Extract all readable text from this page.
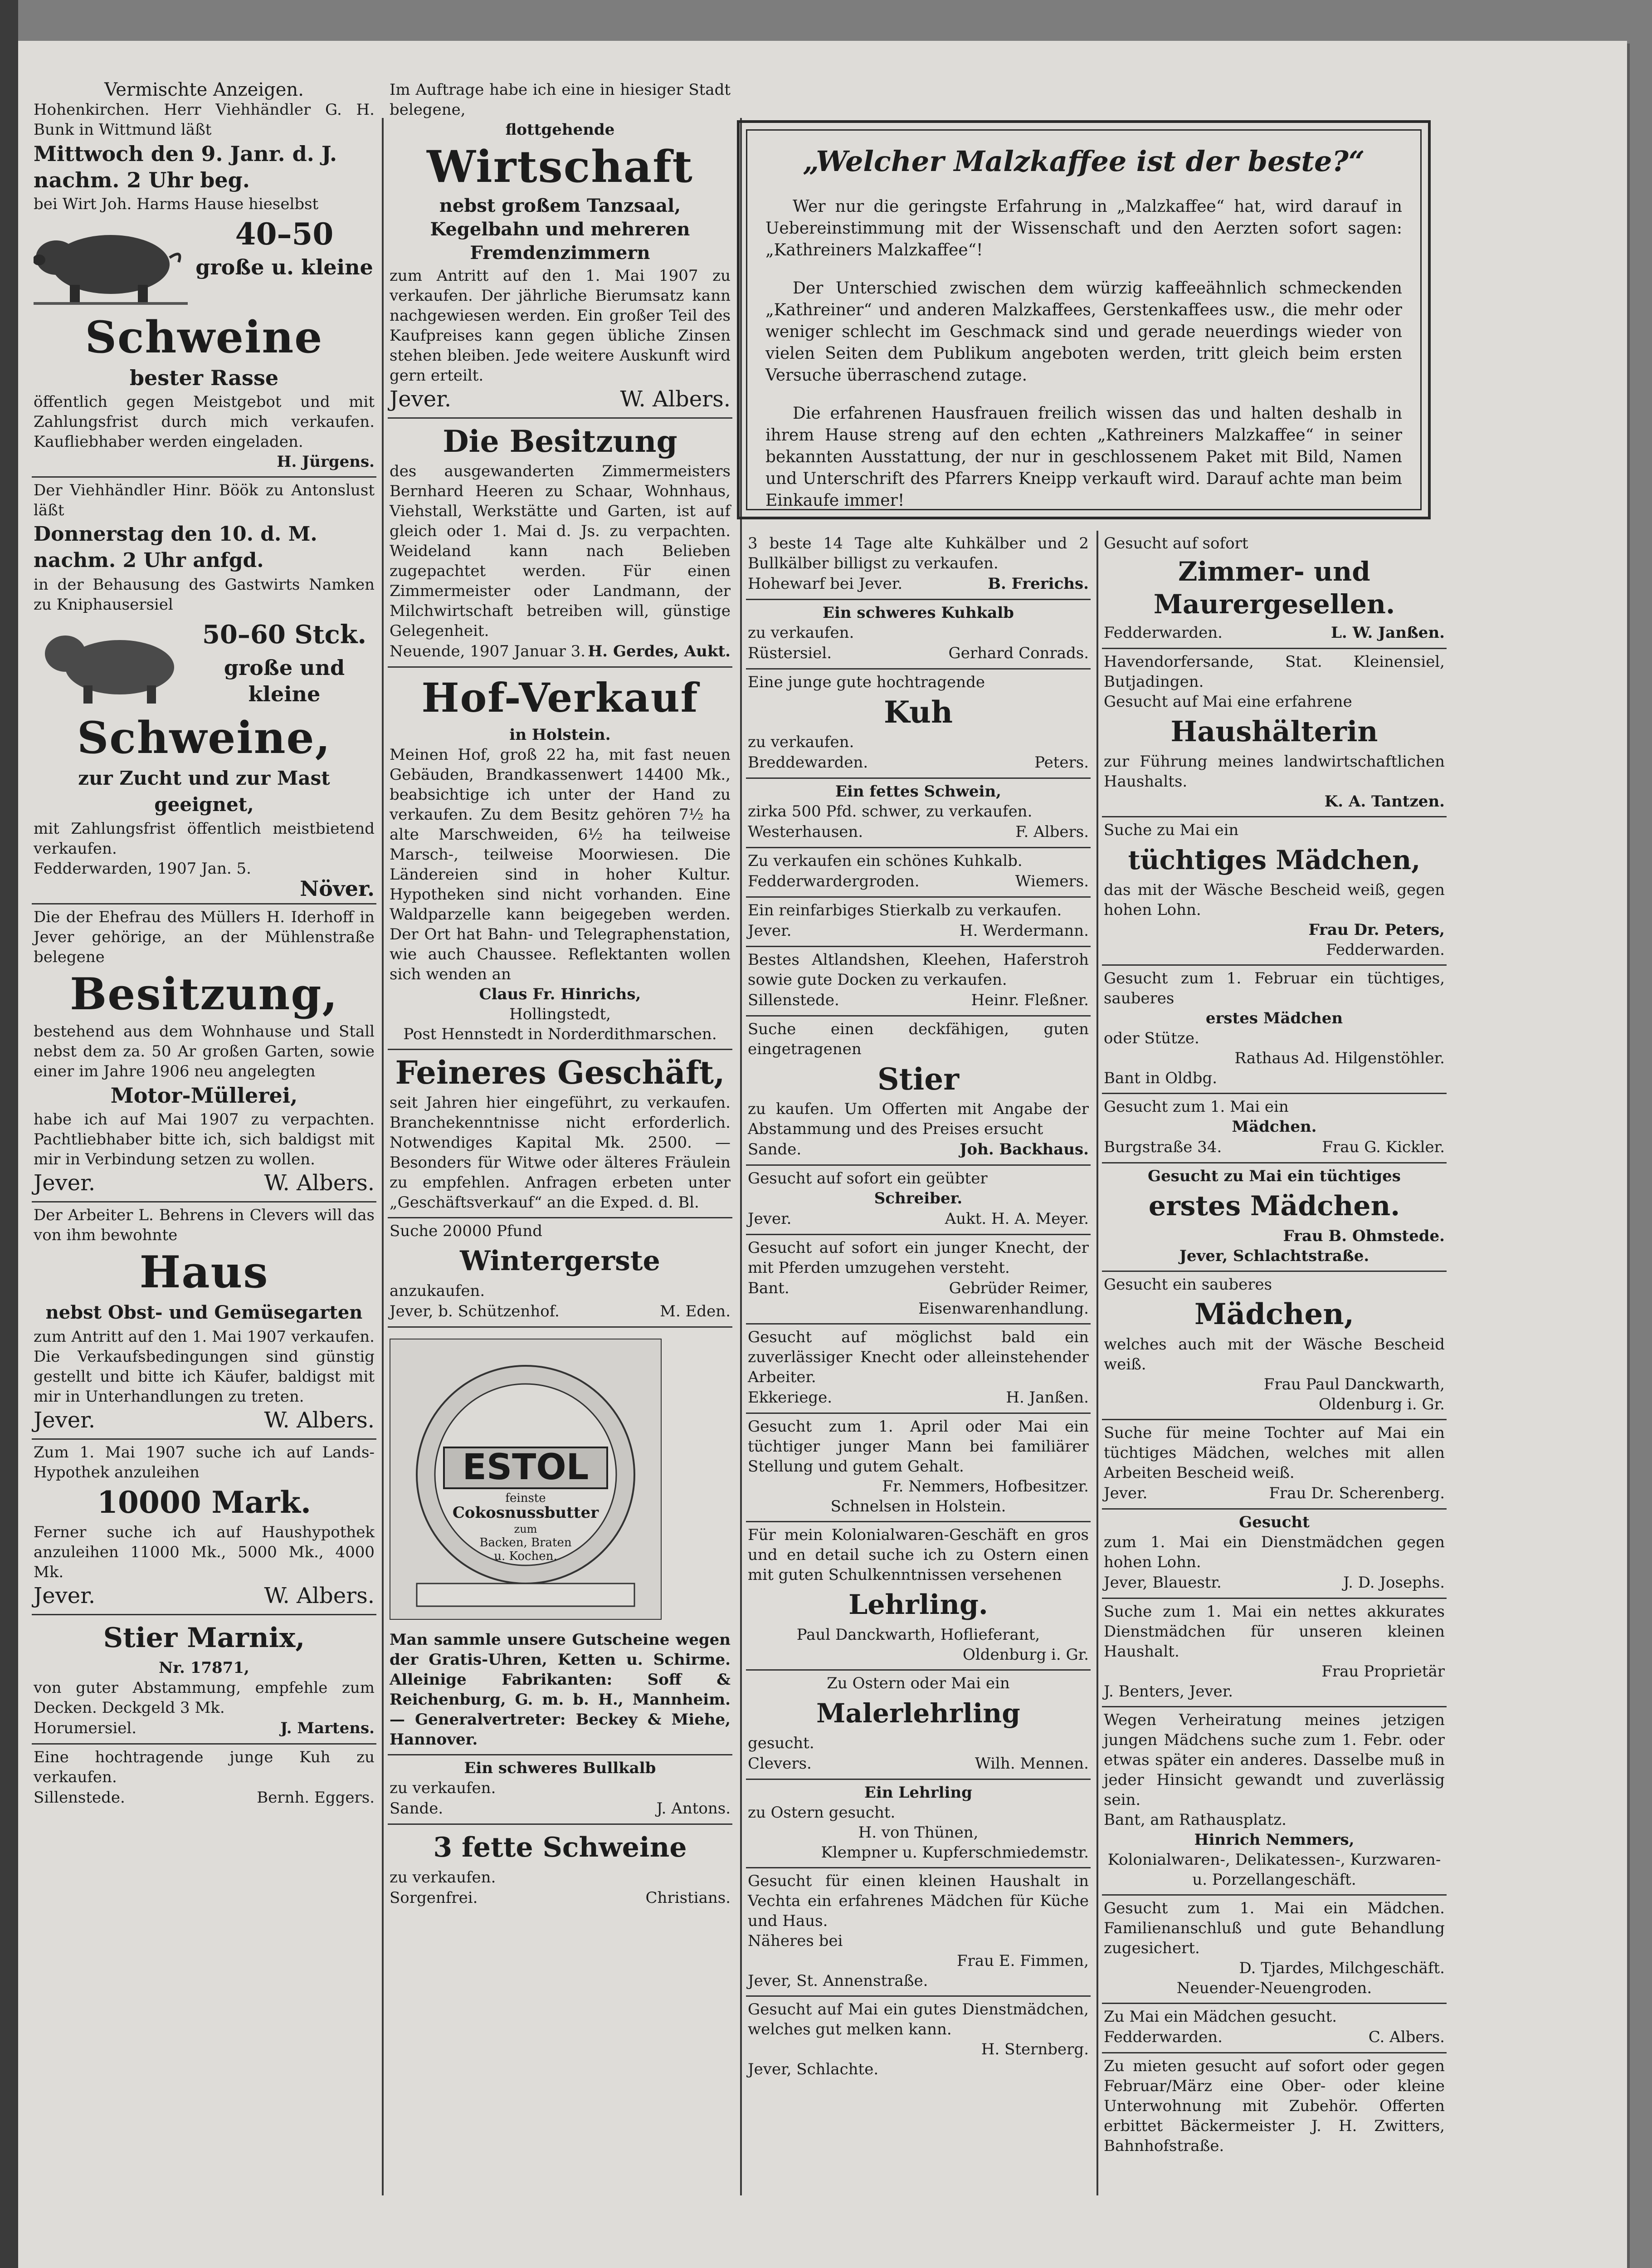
Vermischte Anzeigen.

Hohenkirchen. Herr Viehhändler G. H. Bunk in Wittmund läßt

Mittwoch den 9. Janr. d. J. nachm. 2 Uhr beg.

bei Wirt Joh. Harms Hause hieselbst

40–50

große u. kleine

Schweine

bester Rasse

öffentlich gegen Meistgebot und mit Zahlungsfrist durch mich verkaufen. Kaufliebhaber werden eingeladen.

H. Jürgens.

Der Viehhändler Hinr. Böök zu Antonslust läßt

Donnerstag den 10. d. M. nachm. 2 Uhr anfgd.

in der Behausung des Gastwirts Namken zu Kniphausersiel

50–60 Stck.

große und kleine

Schweine,

zur Zucht und zur Mast geeignet,

mit Zahlungsfrist öffentlich meistbietend verkaufen.

Fedderwarden, 1907 Jan. 5.

Növer.

Die der Ehefrau des Müllers H. Iderhoff in Jever gehörige, an der Mühlenstraße belegene

Besitzung,

bestehend aus dem Wohnhause und Stall nebst dem za. 50 Ar großen Garten, sowie einer im Jahre 1906 neu angelegten

Motor-Müllerei,

habe ich auf Mai 1907 zu verpachten. Pachtliebhaber bitte ich, sich baldigst mit mir in Verbindung setzen zu wollen.

Jever.	W. Albers.

Der Arbeiter L. Behrens in Clevers will das von ihm bewohnte

Haus

nebst Obst- und Gemüsegarten

zum Antritt auf den 1. Mai 1907 verkaufen. Die Verkaufsbedingungen sind günstig gestellt und bitte ich Käufer, baldigst mit mir in Unterhandlungen zu treten.

Jever.	W. Albers.

Zum 1. Mai 1907 suche ich auf Lands-Hypothek anzuleihen

10000 Mark.

Ferner suche ich auf Haushypothek anzuleihen 11000 Mk., 5000 Mk., 4000 Mk.

Jever.	W. Albers.

Stier Marnix,

Nr. 17871,

von guter Abstammung, empfehle zum Decken. Deckgeld 3 Mk.

Horumersiel.	J. Martens.

Eine hochtragende junge Kuh zu verkaufen.

Sillenstede.	Bernh. Eggers.

Im Auftrage habe ich eine in hiesiger Stadt belegene,

flottgehende

Wirtschaft

nebst großem Tanzsaal, Kegelbahn und mehreren Fremdenzimmern

zum Antritt auf den 1. Mai 1907 zu verkaufen. Der jährliche Bierumsatz kann nachgewiesen werden. Ein großer Teil des Kaufpreises kann gegen übliche Zinsen stehen bleiben. Jede weitere Auskunft wird gern erteilt.

Jever.	W. Albers.

Die Besitzung

des ausgewanderten Zimmermeisters Bernhard Heeren zu Schaar, Wohnhaus, Viehstall, Werkstätte und Garten, ist auf gleich oder 1. Mai d. Js. zu verpachten. Weideland kann nach Belieben zugepachtet werden. Für einen Zimmermeister oder Landmann, der Milchwirtschaft betreiben will, günstige Gelegenheit.

Neuende, 1907 Januar 3. H. Gerdes, Aukt.

Hof-Verkauf

in Holstein.

Meinen Hof, groß 22 ha, mit fast neuen Gebäuden, Brandkassenwert 14400 Mk., beabsichtige ich unter der Hand zu verkaufen. Zu dem Besitz gehören 7½ ha alte Marschweiden, 6½ ha teilweise Marsch-, teilweise Moorwiesen. Die Ländereien sind in hoher Kultur. Hypotheken sind nicht vorhanden. Eine Waldparzelle kann beigegeben werden. Der Ort hat Bahn- und Telegraphenstation, wie auch Chaussee. Reflektanten wollen sich wenden an

Claus Fr. Hinrichs,

Hollingstedt,

Post Hennstedt in Norderdithmarschen.

Feineres Geschäft,

seit Jahren hier eingeführt, zu verkaufen. Branchekenntnisse nicht erforderlich. Notwendiges Kapital Mk. 2500. — Besonders für Witwe oder älteres Fräulein zu empfehlen. Anfragen erbeten unter „Geschäftsverkauf“ an die Exped. d. Bl.

Suche 20000 Pfund

Wintergerste

anzukaufen.

Jever, b. Schützenhof.	M. Eden.
ESTOL
feinste
Cokosnussbutter
zum
Backen, Braten
u. Kochen.

Man sammle unsere Gutscheine wegen der Gratis-Uhren, Ketten u. Schirme. Alleinige Fabrikanten: Soff & Reichenburg, G. m. b. H., Mannheim. — Generalvertreter: Beckey & Miehe, Hannover.

Ein schweres Bullkalb

zu verkaufen.

Sande.	J. Antons.

3 fette Schweine

zu verkaufen.

Sorgenfrei.	Christians.

„Welcher Malzkaffee ist der beste?“

Wer nur die geringste Erfahrung in „Malzkaffee“ hat, wird darauf in Uebereinstimmung mit der Wissenschaft und den Aerzten sofort sagen: „Kathreiners Malzkaffee“!

Der Unterschied zwischen dem würzig kaffeeähnlich schmeckenden „Kathreiner“ und anderen Malzkaffees, Gerstenkaffees usw., die mehr oder weniger schlecht im Geschmack sind und gerade neuerdings wieder von vielen Seiten dem Publikum angeboten werden, tritt gleich beim ersten Versuche überraschend zutage.

Die erfahrenen Hausfrauen freilich wissen das und halten deshalb in ihrem Hause streng auf den echten „Kathreiners Malzkaffee“ in seiner bekannten Ausstattung, der nur in geschlossenem Paket mit Bild, Namen und Unterschrift des Pfarrers Kneipp verkauft wird. Darauf achte man beim Einkaufe immer!

3 beste 14 Tage alte Kuhkälber und 2 Bullkälber billigst zu verkaufen.

Hohewarf bei Jever.	B. Frerichs.

Ein schweres Kuhkalb

zu verkaufen.

Rüstersiel.	Gerhard Conrads.

Eine junge gute hochtragende

Kuh

zu verkaufen.

Breddewarden.	Peters.

Ein fettes Schwein,

zirka 500 Pfd. schwer, zu verkaufen.

Westerhausen.	F. Albers.

Zu verkaufen ein schönes Kuhkalb.

Fedderwardergroden.	Wiemers.

Ein reinfarbiges Stierkalb zu verkaufen.

Jever.	H. Werdermann.

Bestes Altlandshen, Kleehen, Haferstroh sowie gute Docken zu verkaufen.

Sillenstede.	Heinr. Fleßner.

Suche einen deckfähigen, guten eingetragenen

Stier

zu kaufen. Um Offerten mit Angabe der Abstammung und des Preises ersucht

Sande.	Joh. Backhaus.

Gesucht auf sofort ein geübter

Schreiber.

Jever.	Aukt. H. A. Meyer.

Gesucht auf sofort ein junger Knecht, der mit Pferden umzugehen versteht.

Bant.	Gebrüder Reimer,

Eisenwarenhandlung.

Gesucht auf möglichst bald ein zuverlässiger Knecht oder alleinstehender Arbeiter.

Ekkeriege.	H. Janßen.

Gesucht zum 1. April oder Mai ein tüchtiger junger Mann bei familiärer Stellung und gutem Gehalt.

Fr. Nemmers, Hofbesitzer.

Schnelsen in Holstein.

Für mein Kolonialwaren-Geschäft en gros und en detail suche ich zu Ostern einen mit guten Schulkenntnissen versehenen

Lehrling.

Paul Danckwarth, Hoflieferant,

Oldenburg i. Gr.

Zu Ostern oder Mai ein

Malerlehrling

gesucht.

Clevers.	Wilh. Mennen.

Ein Lehrling

zu Ostern gesucht.

H. von Thünen,

Klempner u. Kupferschmiedemstr.

Gesucht für einen kleinen Haushalt in Vechta ein erfahrenes Mädchen für Küche und Haus.

Näheres bei

Frau E. Fimmen,

Jever, St. Annenstraße.

Gesucht auf Mai ein gutes Dienstmädchen, welches gut melken kann.

H. Sternberg.

Jever, Schlachte.

Gesucht auf sofort

Zimmer- und Maurergesellen.

Fedderwarden.	L. W. Janßen.

Havendorfersande, Stat. Kleinensiel, Butjadingen.

Gesucht auf Mai eine erfahrene

Haushälterin

zur Führung meines landwirtschaftlichen Haushalts.

K. A. Tantzen.

Suche zu Mai ein

tüchtiges Mädchen,

das mit der Wäsche Bescheid weiß, gegen hohen Lohn.

Frau Dr. Peters,

Fedderwarden.

Gesucht zum 1. Februar ein tüchtiges, sauberes

erstes Mädchen

oder Stütze.

Rathaus Ad. Hilgenstöhler.

Bant in Oldbg.

Gesucht zum 1. Mai ein

Mädchen.

Burgstraße 34.	Frau G. Kickler.

Gesucht zu Mai ein tüchtiges

erstes Mädchen.

Frau B. Ohmstede.

Jever, Schlachtstraße.

Gesucht ein sauberes

Mädchen,

welches auch mit der Wäsche Bescheid weiß.

Frau Paul Danckwarth,

Oldenburg i. Gr.

Suche für meine Tochter auf Mai ein tüchtiges Mädchen, welches mit allen Arbeiten Bescheid weiß.

Jever.	Frau Dr. Scherenberg.

Gesucht

zum 1. Mai ein Dienstmädchen gegen hohen Lohn.

Jever, Blauestr.	J. D. Josephs.

Suche zum 1. Mai ein nettes akkurates Dienstmädchen für unseren kleinen Haushalt.

Frau Proprietär

J. Benters, Jever.

Wegen Verheiratung meines jetzigen jungen Mädchens suche zum 1. Febr. oder etwas später ein anderes. Dasselbe muß in jeder Hinsicht gewandt und zuverlässig sein.

Bant, am Rathausplatz.

Hinrich Nemmers,

Kolonialwaren-, Delikatessen-, Kurzwaren- u. Porzellangeschäft.

Gesucht zum 1. Mai ein Mädchen. Familienanschluß und gute Behandlung zugesichert.

D. Tjardes, Milchgeschäft.

Neuender-Neuengroden.

Zu Mai ein Mädchen gesucht.

Fedderwarden.	C. Albers.

Zu mieten gesucht auf sofort oder gegen Februar/März eine Ober- oder kleine Unterwohnung mit Zubehör. Offerten erbittet Bäckermeister J. H. Zwitters, Bahnhofstraße.
